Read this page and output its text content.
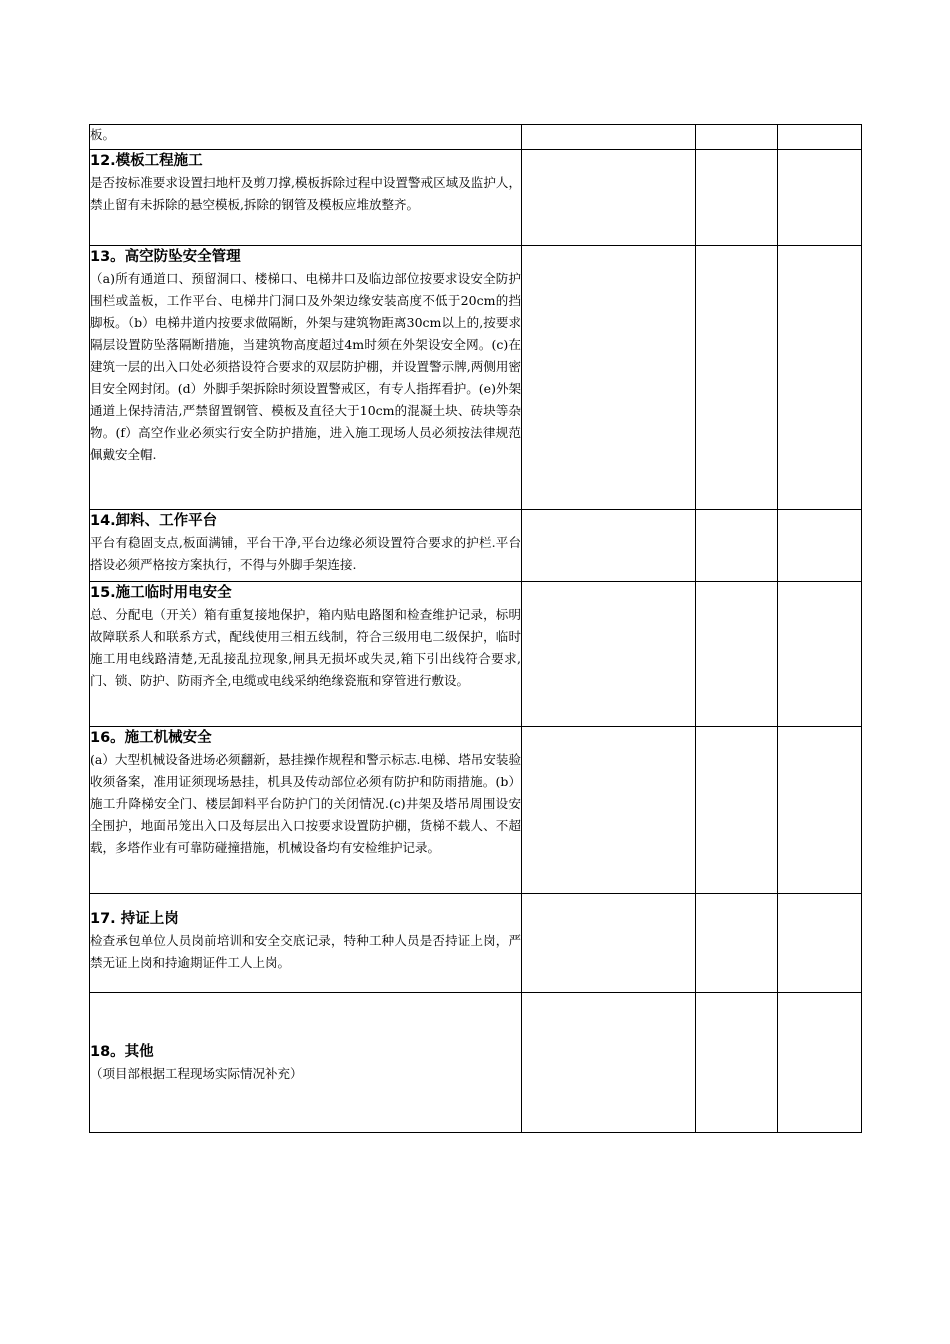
板。			

12.模板工程施工
是否按标准要求设置扫地杆及剪刀撑,模板拆除过程中设置警戒区域及监护人，禁止留有未拆除的悬空模板,拆除的钢管及模板应堆放整齐。			

13。高空防坠安全管理
（a)所有通道口、预留洞口、楼梯口、电梯井口及临边部位按要求设安全防护围栏或盖板，工作平台、电梯井门洞口及外架边缘安装高度不低于20cm的挡脚板。（b）电梯井道内按要求做隔断，外架与建筑物距离30cm以上的,按要求隔层设置防坠落隔断措施，当建筑物高度超过4m时须在外架设安全网。(c)在建筑一层的出入口处必须搭设符合要求的双层防护棚，并设置警示牌,两侧用密目安全网封闭。(d）外脚手架拆除时须设置警戒区，有专人指挥看护。(e)外架通道上保持清洁,严禁留置钢管、模板及直径大于10cm的混凝土块、砖块等杂物。(f）高空作业必须实行安全防护措施，进入施工现场人员必须按法律规范佩戴安全帽.			

14.卸料、工作平台
平台有稳固支点,板面满铺，平台干净,平台边缘必须设置符合要求的护栏.平台搭设必须严格按方案执行，不得与外脚手架连接.			

15.施工临时用电安全
总、分配电（开关）箱有重复接地保护，箱内贴电路图和检查维护记录，标明故障联系人和联系方式，配线使用三相五线制，符合三级用电二级保护，临时施工用电线路清楚,无乱接乱拉现象,闸具无损坏或失灵,箱下引出线符合要求,门、锁、防护、防雨齐全,电缆或电线采纳绝缘瓷瓶和穿管进行敷设。			

16。施工机械安全
(a）大型机械设备进场必须翻新，悬挂操作规程和警示标志.电梯、塔吊安装验收须备案，准用证须现场悬挂，机具及传动部位必须有防护和防雨措施。(b）施工升降梯安全门、楼层卸料平台防护门的关闭情况.(c)井架及塔吊周围设安全围护，地面吊笼出入口及每层出入口按要求设置防护棚，货梯不载人、不超载，多塔作业有可靠防碰撞措施，机械设备均有安检维护记录。			

17. 持证上岗
检查承包单位人员岗前培训和安全交底记录，特种工种人员是否持证上岗，严禁无证上岗和持逾期证件工人上岗。			

18。其他
（项目部根据工程现场实际情况补充）			
